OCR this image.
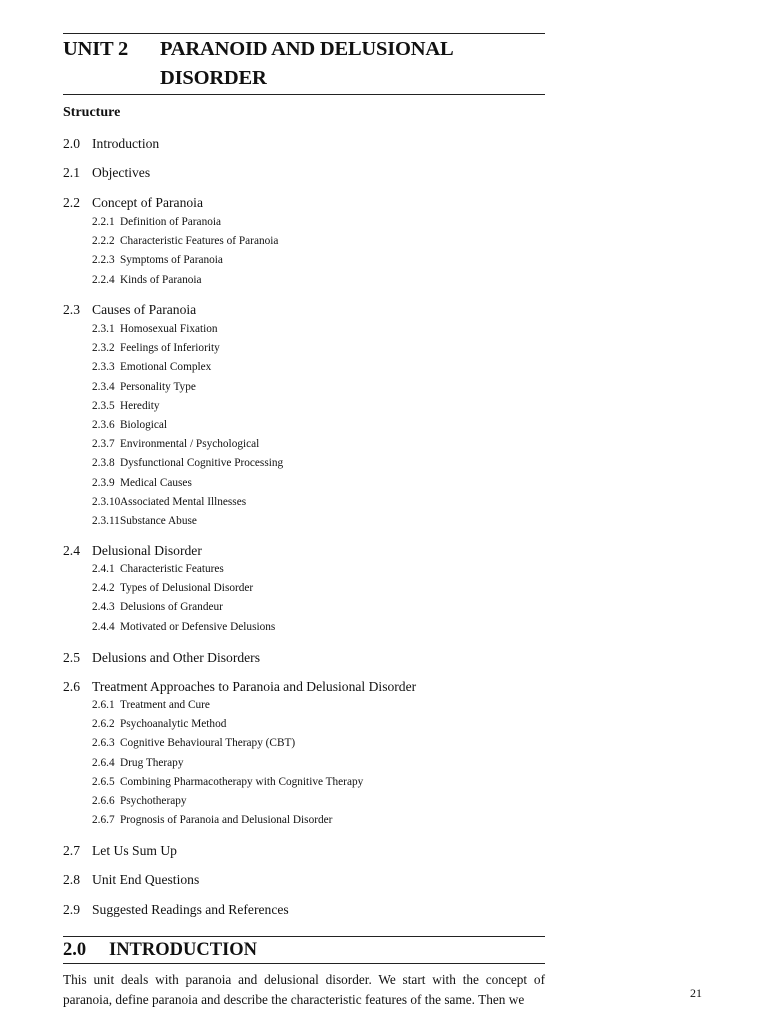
UNIT 2	PARANOID AND DELUSIONAL
DISORDER
Structure
2.0 Introduction
2.1 Objectives
2.2 Concept of Paranoia
2.2.1 Definition of Paranoia
2.2.2 Characteristic Features of Paranoia
2.2.3 Symptoms of Paranoia
2.2.4 Kinds of Paranoia
2.3 Causes of Paranoia
2.3.1 Homosexual Fixation
2.3.2 Feelings of Inferiority
2.3.3 Emotional Complex
2.3.4 Personality Type
2.3.5 Heredity
2.3.6 Biological
2.3.7 Environmental / Psychological
2.3.8 Dysfunctional Cognitive Processing
2.3.9 Medical Causes
2.3.10Associated Mental Illnesses
2.3.11Substance Abuse
2.4 Delusional Disorder
2.4.1 Characteristic Features
2.4.2 Types of Delusional Disorder
2.4.3 Delusions of Grandeur
2.4.4 Motivated or Defensive Delusions
2.5 Delusions and Other Disorders
2.6 Treatment Approaches to Paranoia and Delusional Disorder
2.6.1 Treatment and Cure
2.6.2 Psychoanalytic Method
2.6.3 Cognitive Behavioural Therapy (CBT)
2.6.4 Drug Therapy
2.6.5 Combining Pharmacotherapy with Cognitive Therapy
2.6.6 Psychotherapy
2.6.7 Prognosis of Paranoia and Delusional Disorder
2.7 Let Us Sum Up
2.8 Unit End Questions
2.9 Suggested Readings and References
2.0	INTRODUCTION
This unit deals with paranoia and delusional disorder. We start with the concept of paranoia, define paranoia and describe the characteristic features of the same. Then we	21
